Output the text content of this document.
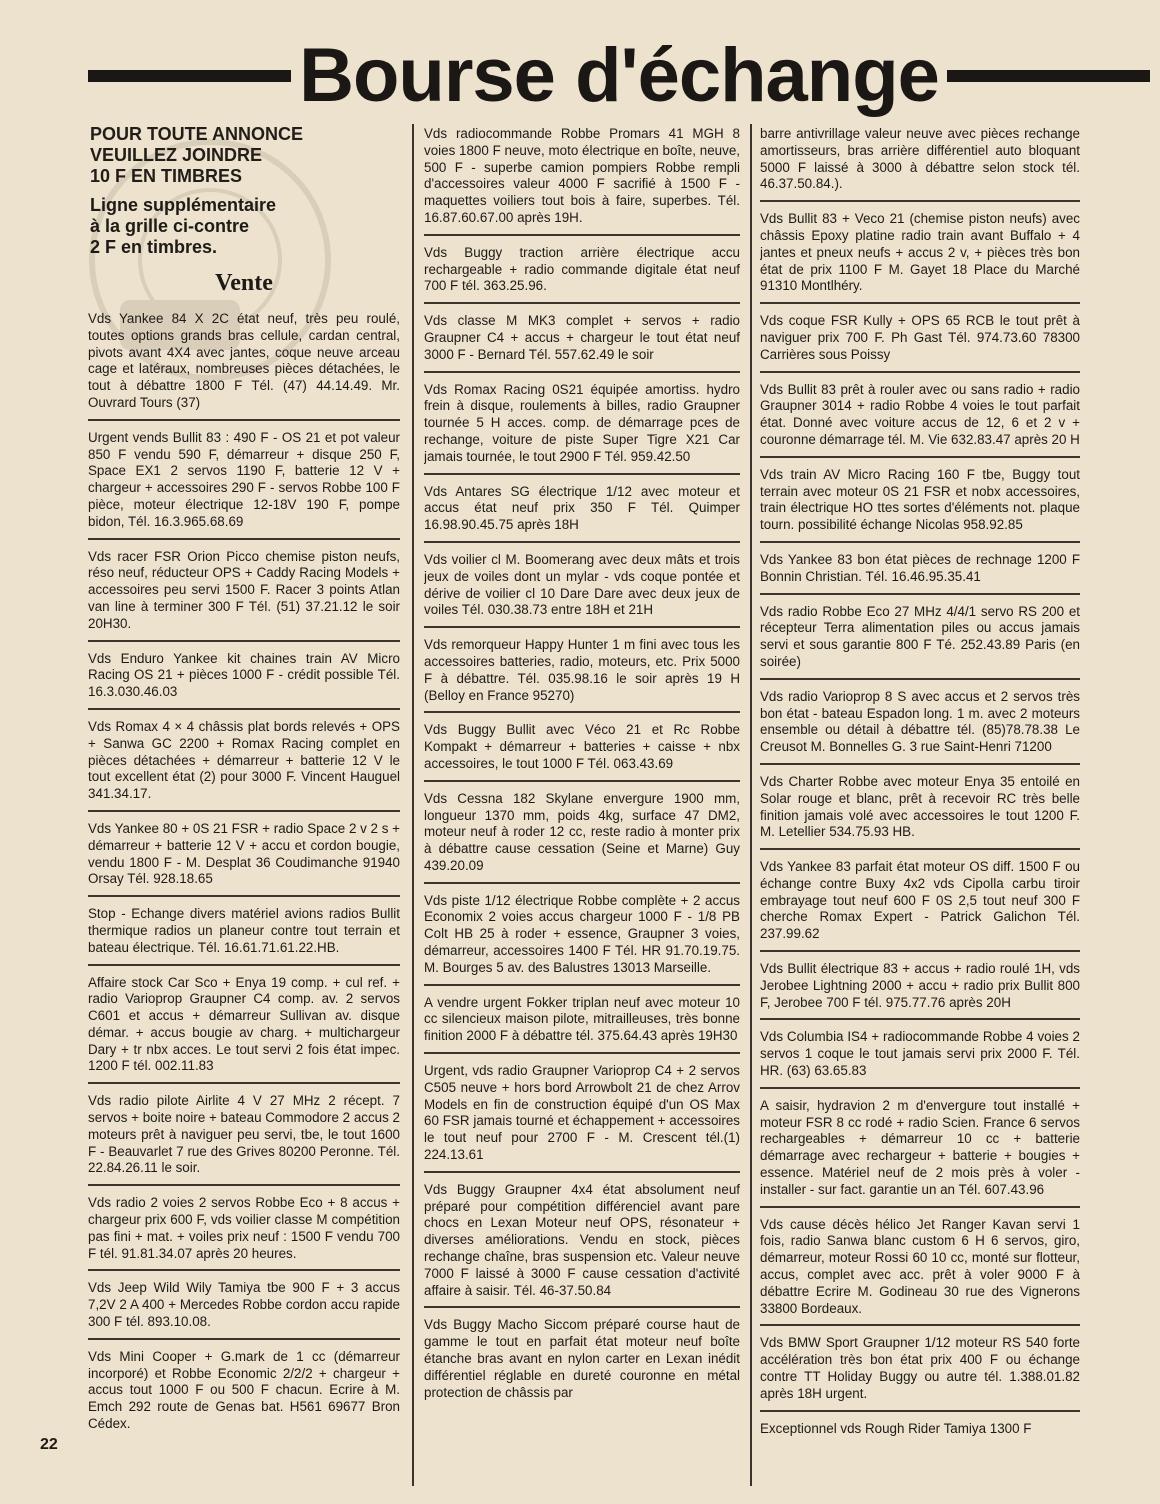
Bourse d'échange
POUR TOUTE ANNONCE
VEUILLEZ JOINDRE
10 F EN TIMBRES
Ligne supplémentaire
à la grille ci-contre
2 F en timbres.
Vente
Vds Yankee 84 X 2C état neuf, très peu roulé, toutes options grands bras cellule, cardan central, pivots avant 4X4 avec jantes, coque neuve arceau cage et latéraux, nombreuses pièces détachées, le tout à débattre 1800 F Tél. (47) 44.14.49. Mr. Ouvrard Tours (37)
Urgent vends Bullit 83 : 490 F - OS 21 et pot valeur 850 F vendu 590 F, démarreur + disque 250 F, Space EX1 2 servos 1190 F, batterie 12 V + chargeur + accessoires 290 F - servos Robbe 100 F pièce, moteur électrique 12-18V 190 F, pompe bidon, Tél. 16.3.965.68.69
Vds racer FSR Orion Picco chemise piston neufs, réso neuf, réducteur OPS + Caddy Racing Models + accessoires peu servi 1500 F. Racer 3 points Atlan van line à terminer 300 F Tél. (51) 37.21.12 le soir 20H30.
Vds Enduro Yankee kit chaines train AV Micro Racing OS 21 + pièces 1000 F - crédit possible Tél. 16.3.030.46.03
Vds Romax 4 × 4 châssis plat bords relevés + OPS + Sanwa GC 2200 + Romax Racing complet en pièces détachées + démarreur + batterie 12 V le tout excellent état (2) pour 3000 F. Vincent Hauguel 341.34.17.
Vds Yankee 80 + 0S 21 FSR + radio Space 2 v 2 s + démarreur + batterie 12 V + accu et cordon bougie, vendu 1800 F - M. Desplat 36 Coudimanche 91940 Orsay Tél. 928.18.65
Stop - Echange divers matériel avions radios Bullit thermique radios un planeur contre tout terrain et bateau électrique. Tél. 16.61.71.61.22.HB.
Affaire stock Car Sco + Enya 19 comp. + cul ref. + radio Varioprop Graupner C4 comp. av. 2 servos C601 et accus + démarreur Sullivan av. disque démar. + accus bougie av charg. + multichargeur Dary + tr nbx acces. Le tout servi 2 fois état impec. 1200 F tél. 002.11.83
Vds radio pilote Airlite 4 V 27 MHz 2 récept. 7 servos + boite noire + bateau Commodore 2 accus 2 moteurs prêt à naviguer peu servi, tbe, le tout 1600 F - Beauvarlet 7 rue des Grives 80200 Peronne. Tél. 22.84.26.11 le soir.
Vds radio 2 voies 2 servos Robbe Eco + 8 accus + chargeur prix 600 F, vds voilier classe M compétition pas fini + mat. + voiles prix neuf : 1500 F vendu 700 F tél. 91.81.34.07 après 20 heures.
Vds Jeep Wild Wily Tamiya tbe 900 F + 3 accus 7,2V 2 A 400 + Mercedes Robbe cordon accu rapide 300 F tél. 893.10.08.
Vds Mini Cooper + G.mark de 1 cc (démarreur incorporé) et Robbe Economic 2/2/2 + chargeur + accus tout 1000 F ou 500 F chacun. Ecrire à M. Emch 292 route de Genas bat. H561 69677 Bron Cédex.
Vds radiocommande Robbe Promars 41 MGH 8 voies 1800 F neuve, moto électrique en boîte, neuve, 500 F - superbe camion pompiers Robbe rempli d'accessoires valeur 4000 F sacrifié à 1500 F - maquettes voiliers tout bois à faire, superbes. Tél. 16.87.60.67.00 après 19H.
Vds Buggy traction arrière électrique accu rechargeable + radio commande digitale état neuf 700 F tél. 363.25.96.
Vds classe M MK3 complet + servos + radio Graupner C4 + accus + chargeur le tout état neuf 3000 F - Bernard Tél. 557.62.49 le soir
Vds Romax Racing 0S21 équipée amortiss. hydro frein à disque, roulements à billes, radio Graupner tournée 5 H acces. comp. de démarrage pces de rechange, voiture de piste Super Tigre X21 Car jamais tournée, le tout 2900 F Tél. 959.42.50
Vds Antares SG électrique 1/12 avec moteur et accus état neuf prix 350 F Tél. Quimper 16.98.90.45.75 après 18H
Vds voilier cl M. Boomerang avec deux mâts et trois jeux de voiles dont un mylar - vds coque pontée et dérive de voilier cl 10 Dare Dare avec deux jeux de voiles Tél. 030.38.73 entre 18H et 21H
Vds remorqueur Happy Hunter 1 m fini avec tous les accessoires batteries, radio, moteurs, etc. Prix 5000 F à débattre. Tél. 035.98.16 le soir après 19 H (Belloy en France 95270)
Vds Buggy Bullit avec Véco 21 et Rc Robbe Kompakt + démarreur + batteries + caisse + nbx accessoires, le tout 1000 F Tél. 063.43.69
Vds Cessna 182 Skylane envergure 1900 mm, longueur 1370 mm, poids 4kg, surface 47 DM2, moteur neuf à roder 12 cc, reste radio à monter prix à débattre cause cessation (Seine et Marne) Guy 439.20.09
Vds piste 1/12 électrique Robbe complète + 2 accus Economix 2 voies accus chargeur 1000 F - 1/8 PB Colt HB 25 à roder + essence, Graupner 3 voies, démarreur, accessoires 1400 F Tél. HR 91.70.19.75. M. Bourges 5 av. des Balustres 13013 Marseille.
A vendre urgent Fokker triplan neuf avec moteur 10 cc silencieux maison pilote, mitrailleuses, très bonne finition 2000 F à débattre tél. 375.64.43 après 19H30
Urgent, vds radio Graupner Varioprop C4 + 2 servos C505 neuve + hors bord Arrowbolt 21 de chez Arrov Models en fin de construction équipé d'un OS Max 60 FSR jamais tourné et échappement + accessoires le tout neuf pour 2700 F - M. Crescent tél.(1) 224.13.61
Vds Buggy Graupner 4x4 état absolument neuf préparé pour compétition différenciel avant pare chocs en Lexan Moteur neuf OPS, résonateur + diverses améliorations. Vendu en stock, pièces rechange chaîne, bras suspension etc. Valeur neuve 7000 F laissé à 3000 F cause cessation d'activité affaire à saisir. Tél. 46-37.50.84
Vds Buggy Macho Siccom préparé course haut de gamme le tout en parfait état moteur neuf boîte étanche bras avant en nylon carter en Lexan inédit différentiel réglable en dureté couronne en métal protection de châssis par
barre antivrillage valeur neuve avec pièces rechange amortisseurs, bras arrière différentiel auto bloquant 5000 F laissé à 3000 à débattre selon stock tél. 46.37.50.84.).
Vds Bullit 83 + Veco 21 (chemise piston neufs) avec châssis Epoxy platine radio train avant Buffalo + 4 jantes et pneux neufs + accus 2 v, + pièces très bon état de prix 1100 F M. Gayet 18 Place du Marché 91310 Montlhéry.
Vds coque FSR Kully + OPS 65 RCB le tout prêt à naviguer prix 700 F. Ph Gast Tél. 974.73.60 78300 Carrières sous Poissy
Vds Bullit 83 prêt à rouler avec ou sans radio + radio Graupner 3014 + radio Robbe 4 voies le tout parfait état. Donné avec voiture accus de 12, 6 et 2 v + couronne démarrage tél. M. Vie 632.83.47 après 20 H
Vds train AV Micro Racing 160 F tbe, Buggy tout terrain avec moteur 0S 21 FSR et nobx accessoires, train électrique HO ttes sortes d'éléments not. plaque tourn. possibilité échange Nicolas 958.92.85
Vds Yankee 83 bon état pièces de rechnage 1200 F Bonnin Christian. Tél. 16.46.95.35.41
Vds radio Robbe Eco 27 MHz 4/4/1 servo RS 200 et récepteur Terra alimentation piles ou accus jamais servi et sous garantie 800 F Té. 252.43.89 Paris (en soirée)
Vds radio Varioprop 8 S avec accus et 2 servos très bon état - bateau Espadon long. 1 m. avec 2 moteurs ensemble ou détail à débattre tél. (85)78.78.38 Le Creusot M. Bonnelles G. 3 rue Saint-Henri 71200
Vds Charter Robbe avec moteur Enya 35 entoilé en Solar rouge et blanc, prêt à recevoir RC très belle finition jamais volé avec accessoires le tout 1200 F. M. Letellier 534.75.93 HB.
Vds Yankee 83 parfait état moteur OS diff. 1500 F ou échange contre Buxy 4x2 vds Cipolla carbu tiroir embrayage tout neuf 600 F 0S 2,5 tout neuf 300 F cherche Romax Expert - Patrick Galichon Tél. 237.99.62
Vds Bullit électrique 83 + accus + radio roulé 1H, vds Jerobee Lightning 2000 + accu + radio prix Bullit 800 F, Jerobee 700 F tél. 975.77.76 après 20H
Vds Columbia IS4 + radiocommande Robbe 4 voies 2 servos 1 coque le tout jamais servi prix 2000 F. Tél. HR. (63) 63.65.83
A saisir, hydravion 2 m d'envergure tout installé + moteur FSR 8 cc rodé + radio Scien. France 6 servos rechargeables + démarreur 10 cc + batterie démarrage avec rechargeur + batterie + bougies + essence. Matériel neuf de 2 mois près à voler - installer - sur fact. garantie un an Tél. 607.43.96
Vds cause décès hélico Jet Ranger Kavan servi 1 fois, radio Sanwa blanc custom 6 H 6 servos, giro, démarreur, moteur Rossi 60 10 cc, monté sur flotteur, accus, complet avec acc. prêt à voler 9000 F à débattre Ecrire M. Godineau 30 rue des Vignerons 33800 Bordeaux.
Vds BMW Sport Graupner 1/12 moteur RS 540 forte accélération très bon état prix 400 F ou échange contre TT Holiday Buggy ou autre tél. 1.388.01.82 après 18H urgent.
Exceptionnel vds Rough Rider Tamiya 1300 F
22
